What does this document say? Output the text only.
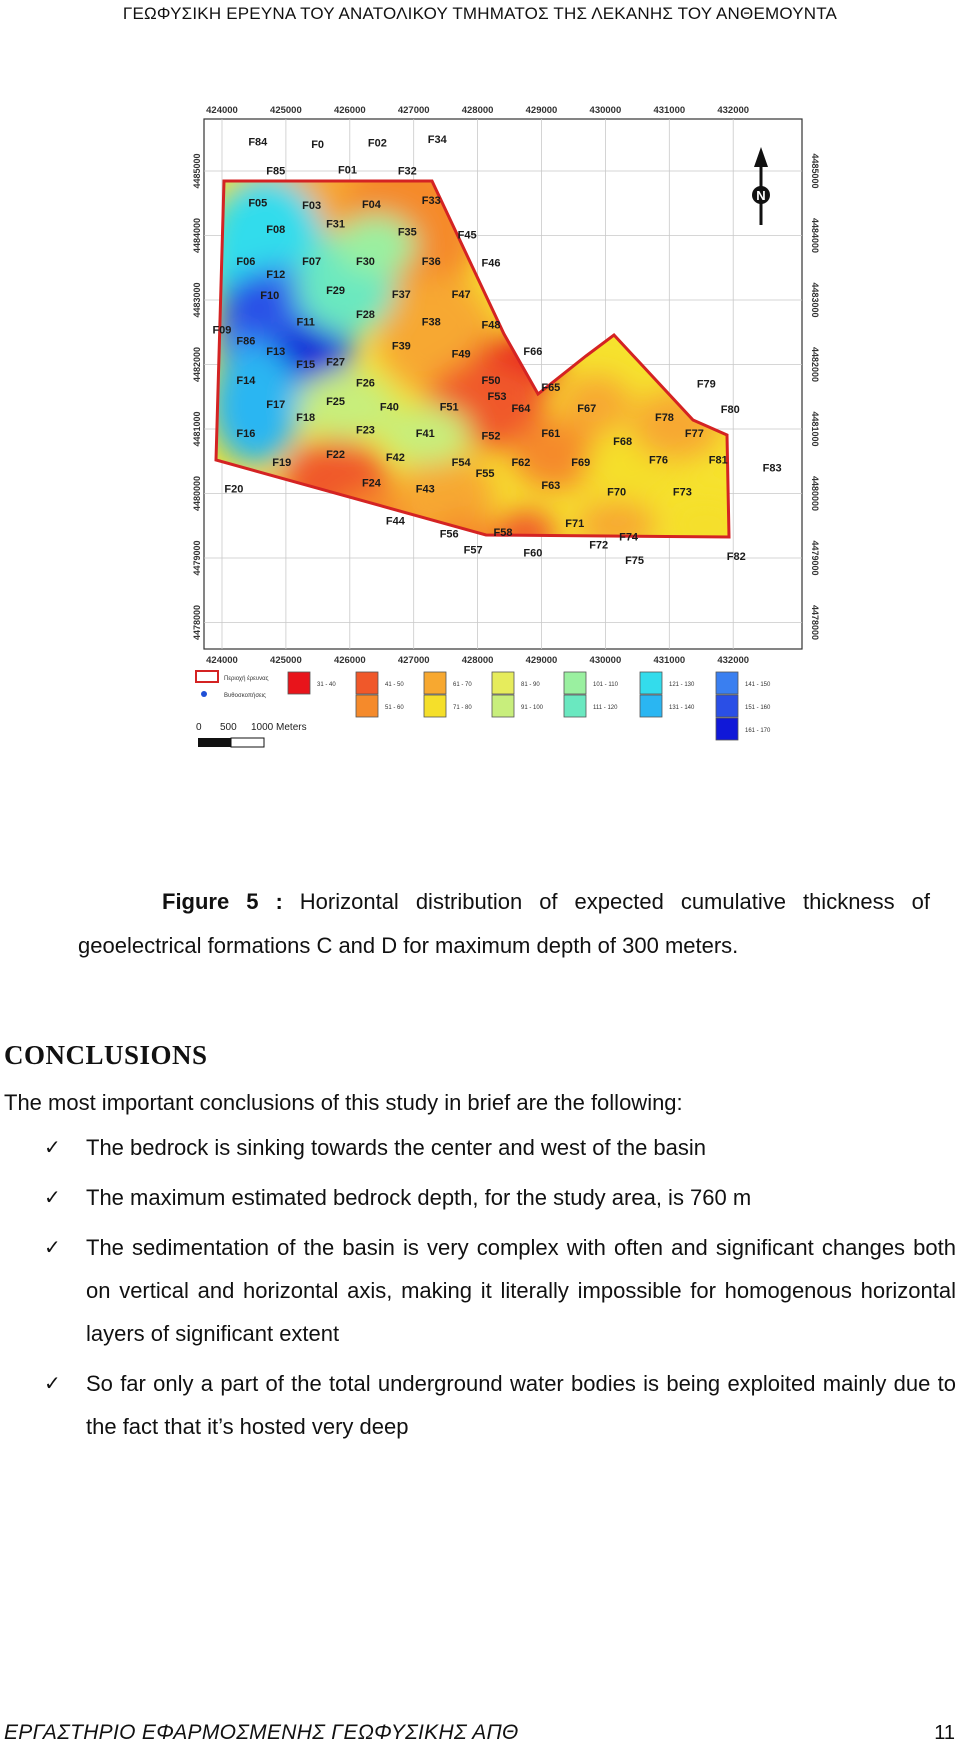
ΓΕΩΦΥΣΙΚΗ ΕΡΕΥΝΑ ΤΟΥ ΑΝΑΤΟΛΙΚΟΥ ΤΜΗΜΑΤΟΣ ΤΗΣ ΛΕΚΑΝΗΣ ΤΟΥ ΑΝΘΕΜΟΥΝΤΑ
424000
424000
425000
425000
426000
426000
427000
427000
428000
428000
429000
429000
430000
430000
431000
431000
432000
432000
4485000	4485000
4484000	4484000
4483000	4483000
4482000	4482000
4481000	4481000
4480000	4480000
4479000	4479000
4478000	4478000
F84	F0	F02	F34
F85	F01	F32
F05	F03	F04	F33
F08	F31
F35	F45
F06	F07	F30	F36	F46
F12
F10	F29	F37	F47
F28
F11	F38	F48
F09
F86	F39	F66
F49
F13
F15 F27
F14	F26	F50
F65	F79
F53
F17	F25	F40	F51	F64	F67	F80
F18	F78
F16	F23	F41	F52	F61	F77
F68
F22
F19	F42	F54	F62	F69	F76	F81
F83
F55
F20
F24
F43	F63
F70	F73
F44	F71
F56	F58	F74
F72
F57	F60
F75	F82
N
Περιοχή έρευνας
Βυθοσκοπήσεις
0 500 1000 Meters
31 - 40	41 - 50
51 - 60
61 - 70
71 - 80
81 - 90
91 - 100
101 - 110
111 - 120
121 - 130
131 - 140
141 - 150
151 - 160
161 - 170
Figure 5 : Horizontal distribution of expected cumulative thickness of geoelectrical formations C and D for maximum depth of 300 meters.
CONCLUSIONS
The most important conclusions of this study in brief are the following:
✓ The bedrock is sinking towards the center and west of the basin
✓ The maximum estimated bedrock depth, for the study area, is 760 m
✓ The sedimentation of the basin is very complex with often and significant changes both on vertical and horizontal axis, making it literally impossible for homogenous horizontal layers of significant extent
✓ So far only a part of the total underground water bodies is being exploited mainly due to the fact that it’s hosted very deep
ΕΡΓΑΣΤΗΡΙΟ ΕΦΑΡΜΟΣΜΕΝΗΣ ΓΕΩΦΥΣΙΚΗΣ ΑΠΘ	11
